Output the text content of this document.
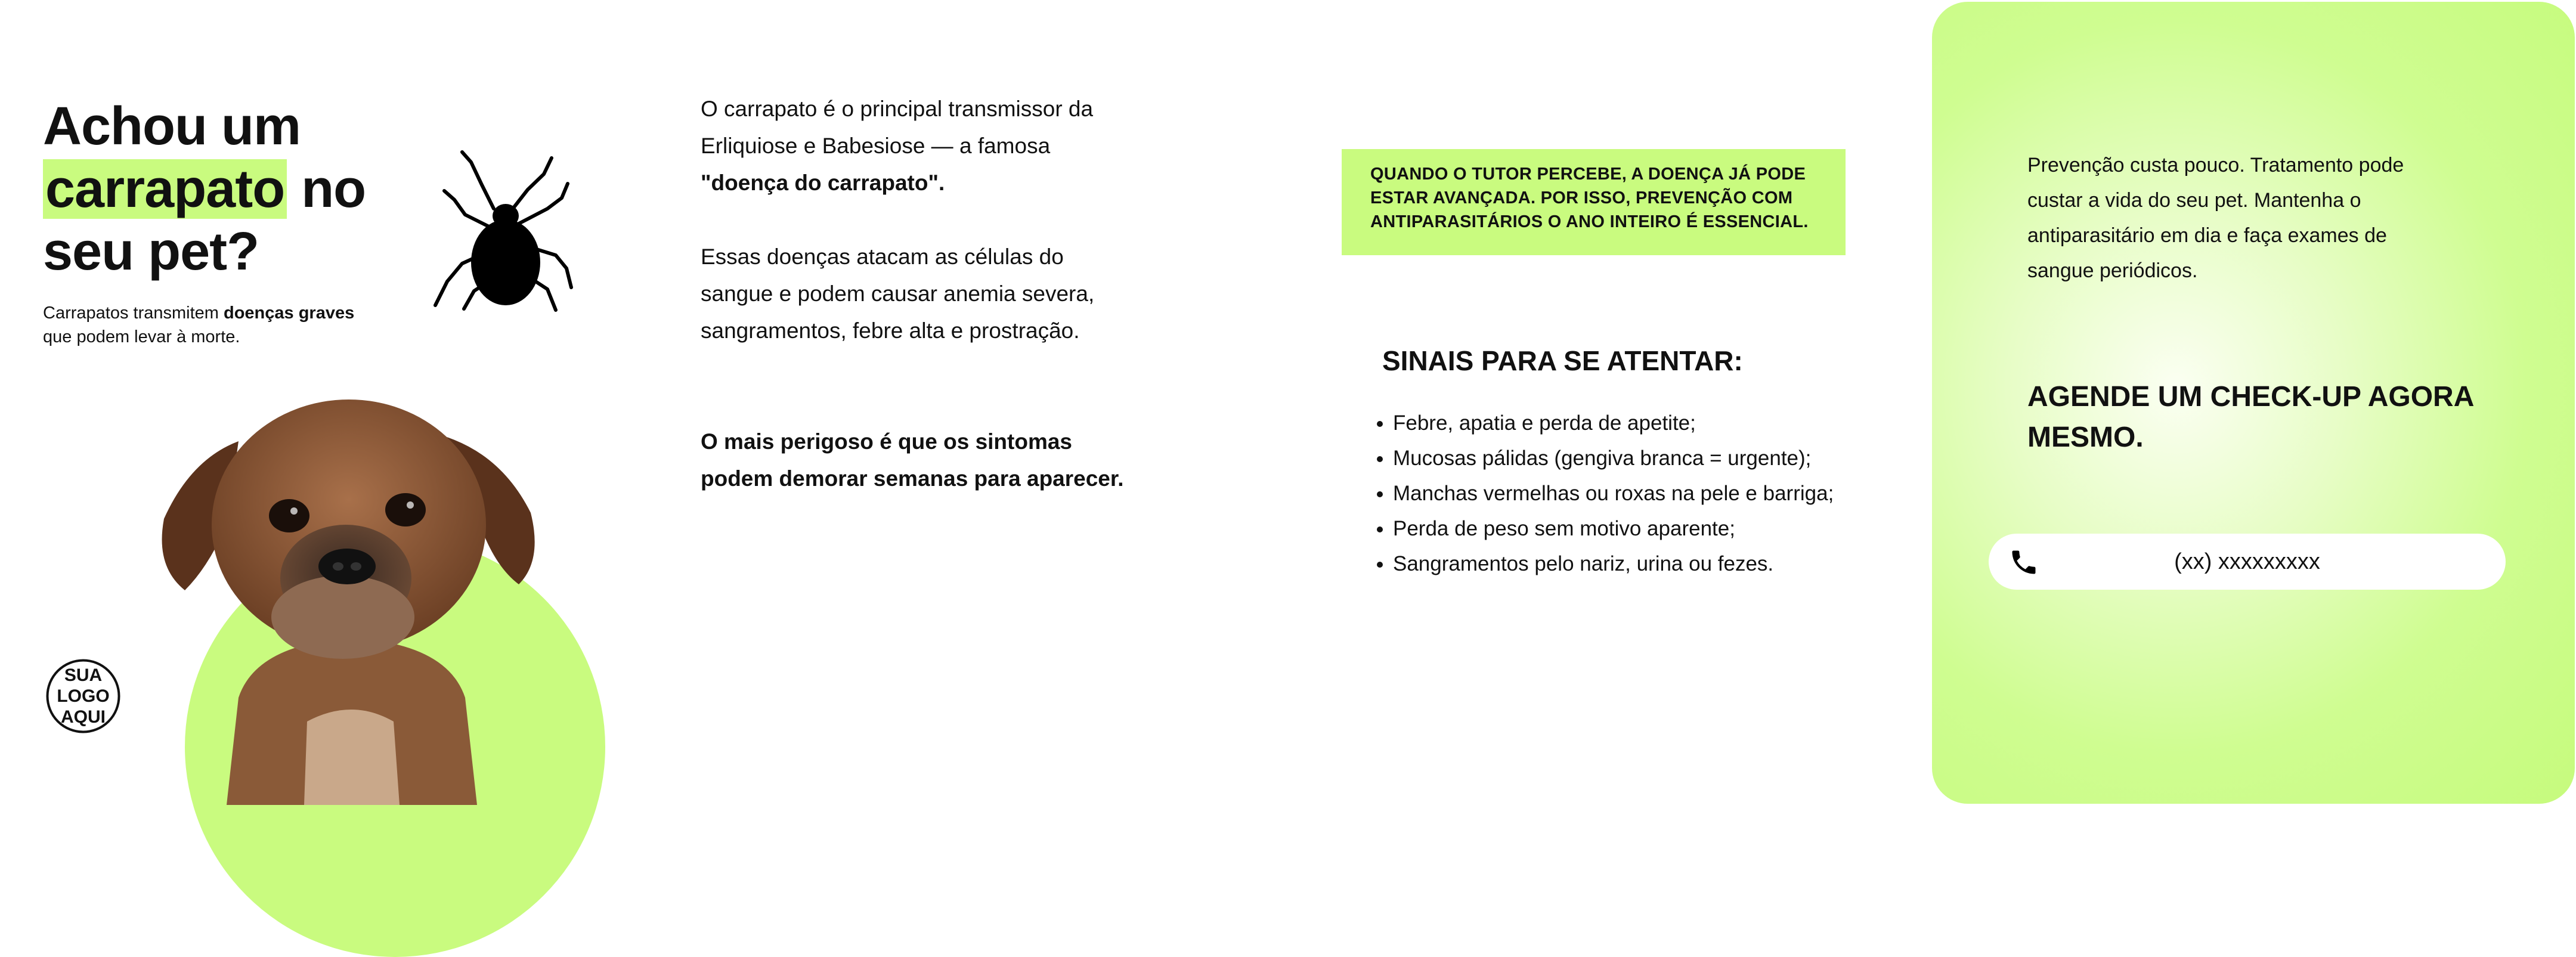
Achou um
carrapato no
seu pet?

Carrapatos transmitem doenças graves que podem levar à morte.

SUA
LOGO
AQUI

O carrapato é o principal transmissor da Erliquiose e Babesiose — a famosa "doença do carrapato".

Essas doenças atacam as células do sangue e podem causar anemia severa, sangramentos, febre alta e prostração.

O mais perigoso é que os sintomas podem demorar semanas para aparecer.

QUANDO O TUTOR PERCEBE, A DOENÇA JÁ PODE ESTAR AVANÇADA. POR ISSO, PREVENÇÃO COM ANTIPARASITÁRIOS O ANO INTEIRO É ESSENCIAL.
SINAIS PARA SE ATENTAR:
• Febre, apatia e perda de apetite;
• Mucosas pálidas (gengiva branca = urgente);
• Manchas vermelhas ou roxas na pele e barriga;
• Perda de peso sem motivo aparente;
• Sangramentos pelo nariz, urina ou fezes.

Prevenção custa pouco. Tratamento pode custar a vida do seu pet. Mantenha o antiparasitário em dia e faça exames de sangue periódicos.

AGENDE UM CHECK-UP AGORA MESMO.

(xx) xxxxxxxxx
